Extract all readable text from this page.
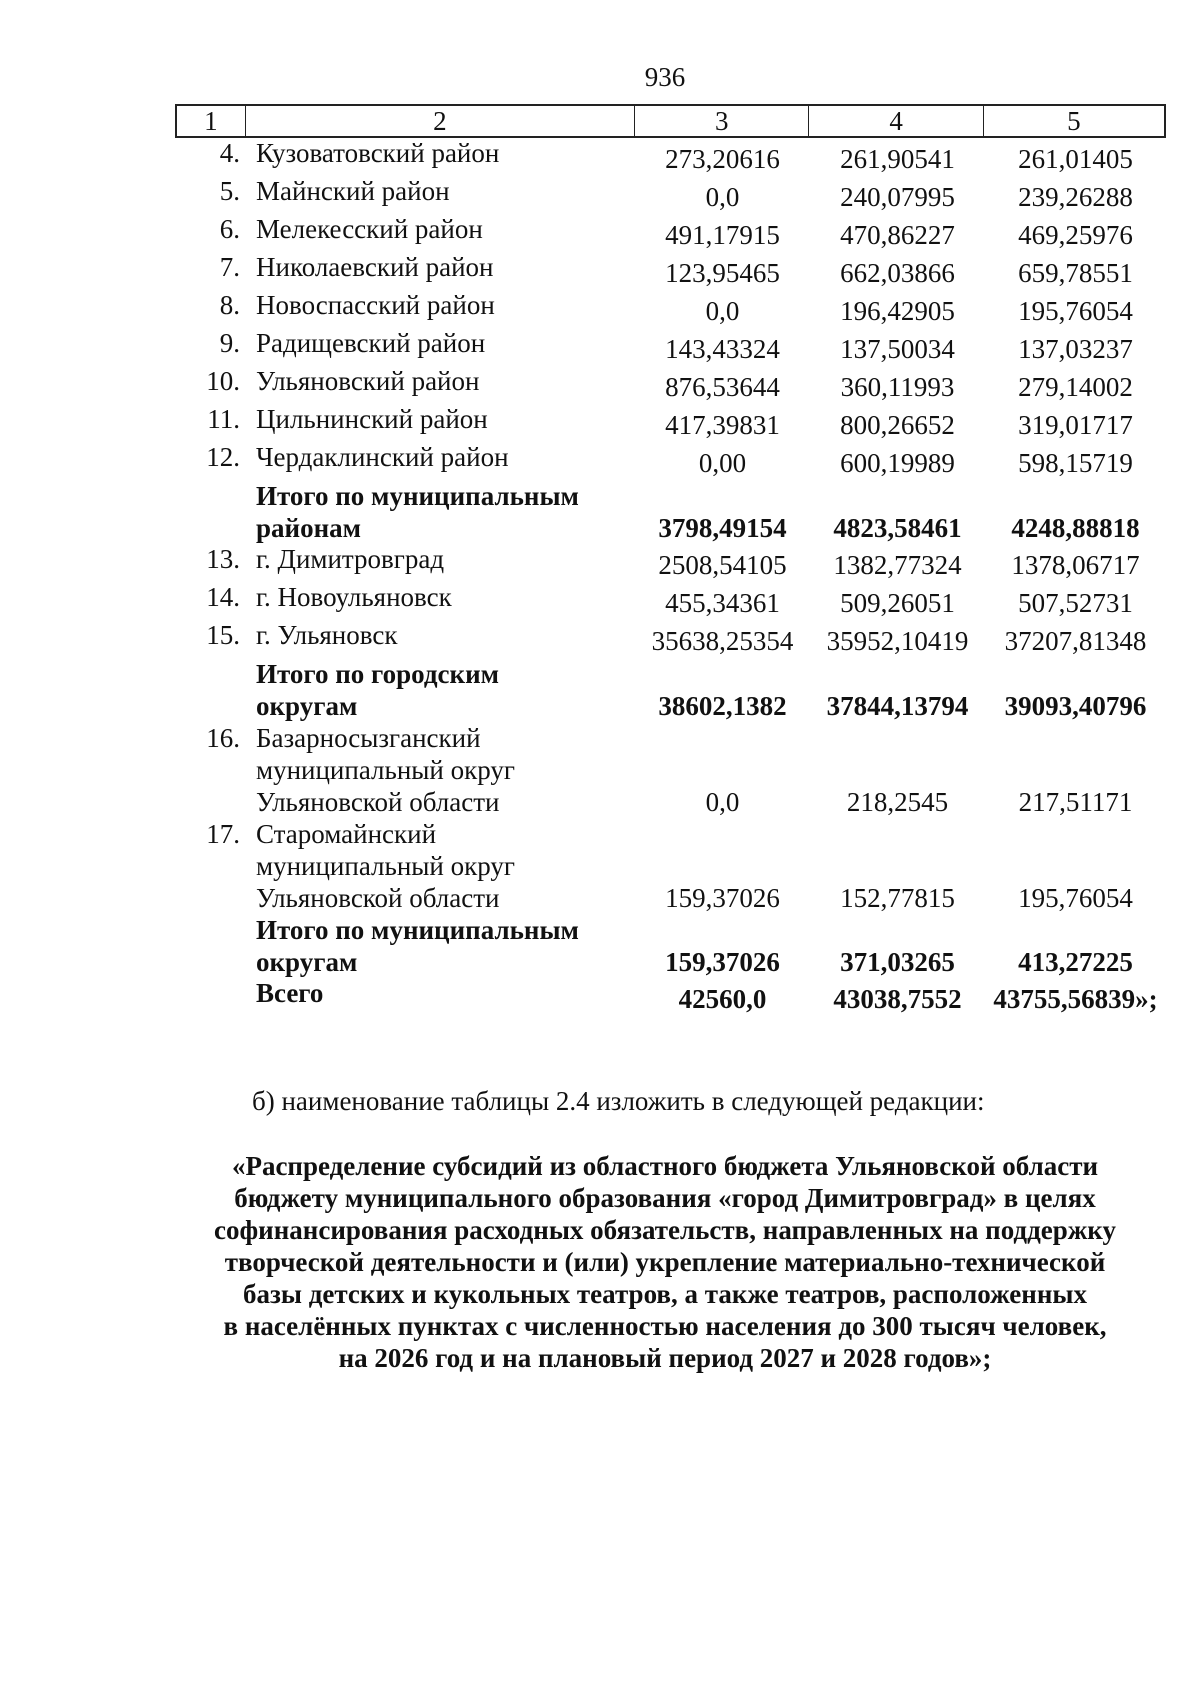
936
1	2	3	4	5
4. Кузоватовский район	273,20616	261,90541	261,01405
5. Майнский район	0,0	240,07995	239,26288
6. Мелекесский район	491,17915	470,86227	469,25976
7. Николаевский район	123,95465	662,03866	659,78551
8. Новоспасский район	0,0	196,42905	195,76054
9. Радищевский район	143,43324	137,50034	137,03237
10. Ульяновский район	876,53644	360,11993	279,14002
11. Цильнинский район	417,39831	800,26652	319,01717
12. Чердаклинский район	0,00	600,19989	598,15719
Итого по муниципальным
районам	3798,49154	4823,58461	4248,88818
13. г. Димитровград	2508,54105	1382,77324	1378,06717
14. г. Новоульяновск	455,34361	509,26051	507,52731
15. г. Ульяновск	35638,25354	35952,10419	37207,81348
Итого по городским
округам	38602,1382	37844,13794	39093,40796
16. Базарносызганский
муниципальный округ
Ульяновской области	0,0	218,2545	217,51171
17. Старомайнский
муниципальный округ
Ульяновской области	159,37026	152,77815	195,76054
Итого по муниципальным
округам	159,37026	371,03265	413,27225
Всего	42560,0	43038,7552	43755,56839»;
б) наименование таблицы 2.4 изложить в следующей редакции:
«Распределение субсидий из областного бюджета Ульяновской области
бюджету муниципального образования «город Димитровград» в целях
софинансирования расходных обязательств, направленных на поддержку
творческой деятельности и (или) укрепление материально-технической
базы детских и кукольных театров, а также театров, расположенных
в населённых пунктах с численностью населения до 300 тысяч человек,
на 2026 год и на плановый период 2027 и 2028 годов»;
